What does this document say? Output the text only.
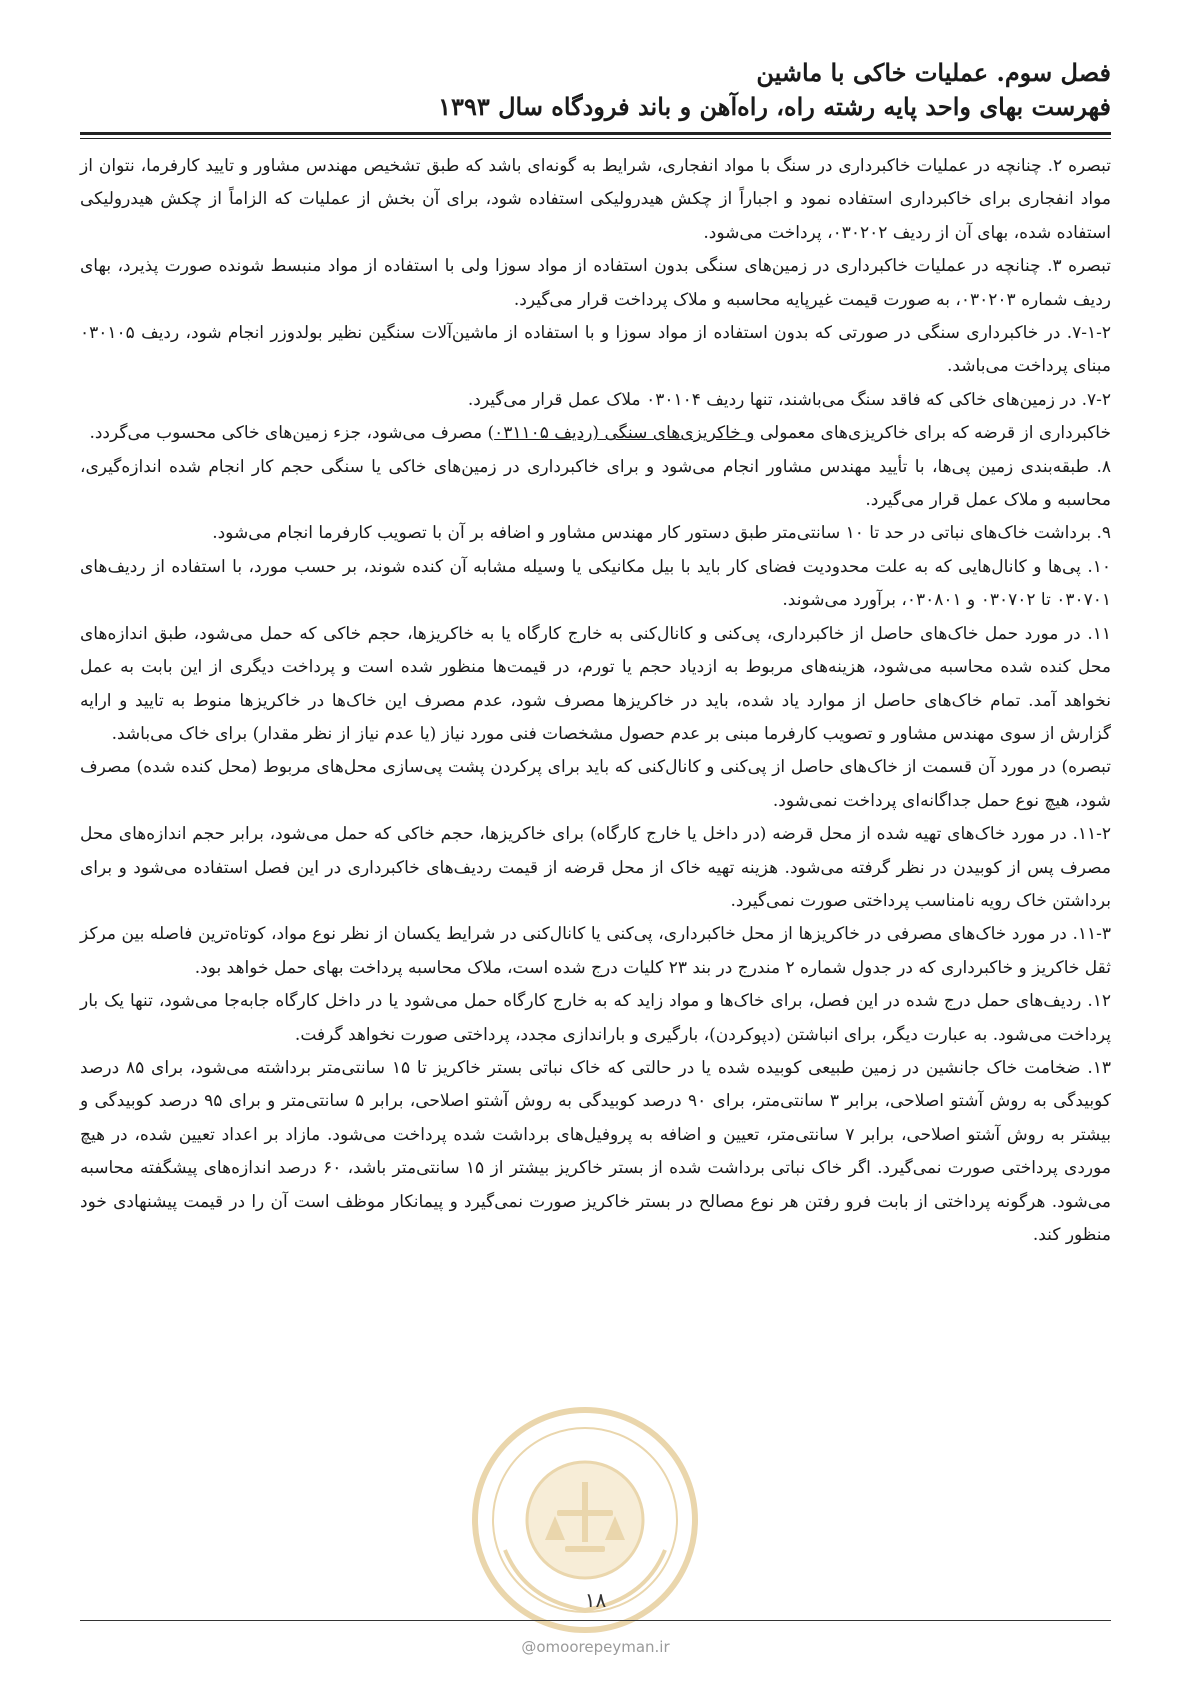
فصل سوم. عملیات خاکی با ماشین
فهرست بهای واحد پایه رشته راه، راه‌آهن و باند فرودگاه سال ۱۳۹۳

تبصره ۲. چنانچه در عملیات خاکبرداری در سنگ با مواد انفجاری، شرایط به گونه‌ای باشد که طبق تشخیص مهندس مشاور و تایید کارفرما، نتوان از مواد انفجاری برای خاکبرداری استفاده نمود و اجباراً از چکش هیدرولیکی استفاده شود، برای آن بخش از عملیات که الزاماً از چکش هیدرولیکی استفاده شده، بهای آن از ردیف ۰۳۰۲۰۲، پرداخت می‌شود.

تبصره ۳. چنانچه در عملیات خاکبرداری در زمین‌های سنگی بدون استفاده از مواد سوزا ولی با استفاده از مواد منبسط شونده صورت پذیرد، بهای ردیف شماره ۰۳۰۲۰۳، به صورت قیمت غیرپایه محاسبه و ملاک پرداخت قرار می‌گیرد.

۷-۱-۲. در خاکبرداری سنگی در صورتی که بدون استفاده از مواد سوزا و با استفاده از ماشین‌آلات سنگین نظیر بولدوزر انجام شود، ردیف ۰۳۰۱۰۵ مبنای پرداخت می‌باشد.

۷-۲. در زمین‌های خاکی که فاقد سنگ می‌باشند، تنها ردیف ۰۳۰۱۰۴ ملاک عمل قرار می‌گیرد.

خاکبرداری از قرضه که برای خاکریزی‌های معمولی و خاکریزی‌های سنگی (ردیف ۰۳۱۱۰۵) مصرف می‌شود، جزء زمین‌های خاکی محسوب می‌گردد.

۸. طبقه‌بندی زمین پی‌ها، با تأیید مهندس مشاور انجام می‌شود و برای خاکبرداری در زمین‌های خاکی یا سنگی حجم کار انجام شده اندازه‌گیری، محاسبه و ملاک عمل قرار می‌گیرد.

۹. برداشت خاک‌های نباتی در حد تا ۱۰ سانتی‌متر طبق دستور کار مهندس مشاور و اضافه بر آن با تصویب کارفرما انجام می‌شود.

۱۰. پی‌ها و کانال‌هایی که به علت محدودیت فضای کار باید با بیل مکانیکی یا وسیله مشابه آن کنده شوند، بر حسب مورد، با استفاده از ردیف‌های ۰۳۰۷۰۱ تا ۰۳۰۷۰۲ و ۰۳۰۸۰۱، برآورد می‌شوند.

۱۱. در مورد حمل خاک‌های حاصل از خاکبرداری، پی‌کنی و کانال‌کنی به خارج کارگاه یا به خاکریزها، حجم خاکی که حمل می‌شود، طبق اندازه‌های محل کنده شده محاسبه می‌شود، هزینه‌های مربوط به ازدیاد حجم یا تورم، در قیمت‌ها منظور شده است و پرداخت دیگری از این بابت به عمل نخواهد آمد. تمام خاک‌های حاصل از موارد یاد شده، باید در خاکریزها مصرف شود، عدم مصرف این خاک‌ها در خاکریزها منوط به تایید و ارایه گزارش از سوی مهندس مشاور و تصویب کارفرما مبنی بر عدم حصول مشخصات فنی مورد نیاز (یا عدم نیاز از نظر مقدار) برای خاک می‌باشد.

تبصره) در مورد آن قسمت از خاک‌های حاصل از پی‌کنی و کانال‌کنی که باید برای پرکردن پشت پی‌سازی محل‌های مربوط (محل کنده شده) مصرف شود، هیچ نوع حمل جداگانه‌ای پرداخت نمی‌شود.

۱۱-۲. در مورد خاک‌های تهیه شده از محل قرضه (در داخل یا خارج کارگاه) برای خاکریزها، حجم خاکی که حمل می‌شود، برابر حجم اندازه‌های محل مصرف پس از کوبیدن در نظر گرفته می‌شود. هزینه تهیه خاک از محل قرضه از قیمت ردیف‌های خاکبرداری در این فصل استفاده می‌شود و برای برداشتن خاک رویه نامناسب پرداختی صورت نمی‌گیرد.

۱۱-۳. در مورد خاک‌های مصرفی در خاکریزها از محل خاکبرداری، پی‌کنی یا کانال‌کنی در شرایط یکسان از نظر نوع مواد، کوتاه‌ترین فاصله بین مرکز ثقل خاکریز و خاکبرداری که در جدول شماره ۲ مندرج در بند ۲۳ کلیات درج شده است، ملاک محاسبه پرداخت بهای حمل خواهد بود.

۱۲. ردیف‌های حمل درج شده در این فصل، برای خاک‌ها و مواد زاید که به خارج کارگاه حمل می‌شود یا در داخل کارگاه جابه‌جا می‌شود، تنها یک بار پرداخت می‌شود. به عبارت دیگر، برای انباشتن (دپوکردن)، بارگیری و باراندازی مجدد، پرداختی صورت نخواهد گرفت.

۱۳. ضخامت خاک جانشین در زمین طبیعی کوبیده شده یا در حالتی که خاک نباتی بستر خاکریز تا ۱۵ سانتی‌متر برداشته می‌شود، برای ۸۵ درصد کوبیدگی به روش آشتو اصلاحی، برابر ۳ سانتی‌متر، برای ۹۰ درصد کوبیدگی به روش آشتو اصلاحی، برابر ۵ سانتی‌متر و برای ۹۵ درصد کوبیدگی و بیشتر به روش آشتو اصلاحی، برابر ۷ سانتی‌متر، تعیین و اضافه به پروفیل‌های برداشت شده پرداخت می‌شود. مازاد بر اعداد تعیین شده، در هیچ موردی پرداختی صورت نمی‌گیرد. اگر خاک نباتی برداشت شده از بستر خاکریز بیشتر از ۱۵ سانتی‌متر باشد، ۶۰ درصد اندازه‌های پیشگفته محاسبه می‌شود. هرگونه پرداختی از بابت فرو رفتن هر نوع مصالح در بستر خاکریز صورت نمی‌گیرد و پیمانکار موظف است آن را در قیمت پیشنهادی خود منظور کند.

۱۸
@omoorepeyman.ir
